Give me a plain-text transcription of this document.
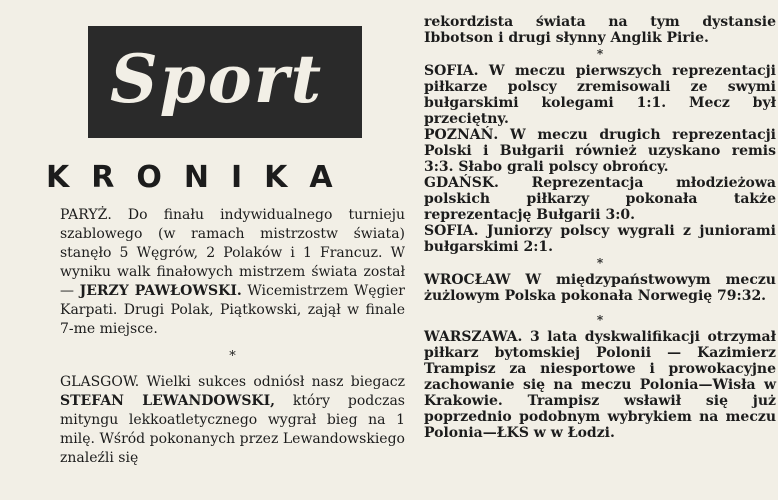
Sport
KRONIKA

PARYŻ. Do finału indywidualnego turnieju szablowego (w ramach mistrzostw świata) stanęło 5 Węgrów, 2 Polaków i 1 Francuz. W wyniku walk finałowych mistrzem świata został — JERZY PAWŁOWSKI. Wicemistrzem Węgier Karpati. Drugi Polak, Piątkowski, zajął w finale 7-me miejsce.

*

GLASGOW. Wielki sukces odniósł nasz biegacz STEFAN LEWANDOWSKI, który podczas mityngu lekkoatletycznego wygrał bieg na 1 milę. Wśród pokonanych przez Lewandowskiego znaleźli się

rekordzista świata na tym dystansie Ibbotson i drugi słynny Anglik Pirie.

*

SOFIA. W meczu pierwszych reprezentacji piłkarze polscy zremisowali ze swymi bułgarskimi kolegami 1:1. Mecz był przeciętny.

POZNAŃ. W meczu drugich reprezentacji Polski i Bułgarii również uzyskano remis 3:3. Słabo grali polscy obrońcy.

GDAŃSK. Reprezentacja młodzieżowa polskich piłkarzy pokonała także reprezentację Bułgarii 3:0.

SOFIA. Juniorzy polscy wygrali z juniorami bułgarskimi 2:1.

*

WROCŁAW W międzypaństwowym meczu żużlowym Polska pokonała Norwegię 79:32.

*

WARSZAWA. 3 lata dyskwalifikacji otrzymał piłkarz bytomskiej Polonii — Kazimierz Trampisz za niesportowe i prowokacyjne zachowanie się na meczu Polonia—Wisła w Krakowie. Trampisz wsławił się już poprzednio podobnym wybrykiem na meczu Polonia—ŁKS w w Łodzi.
